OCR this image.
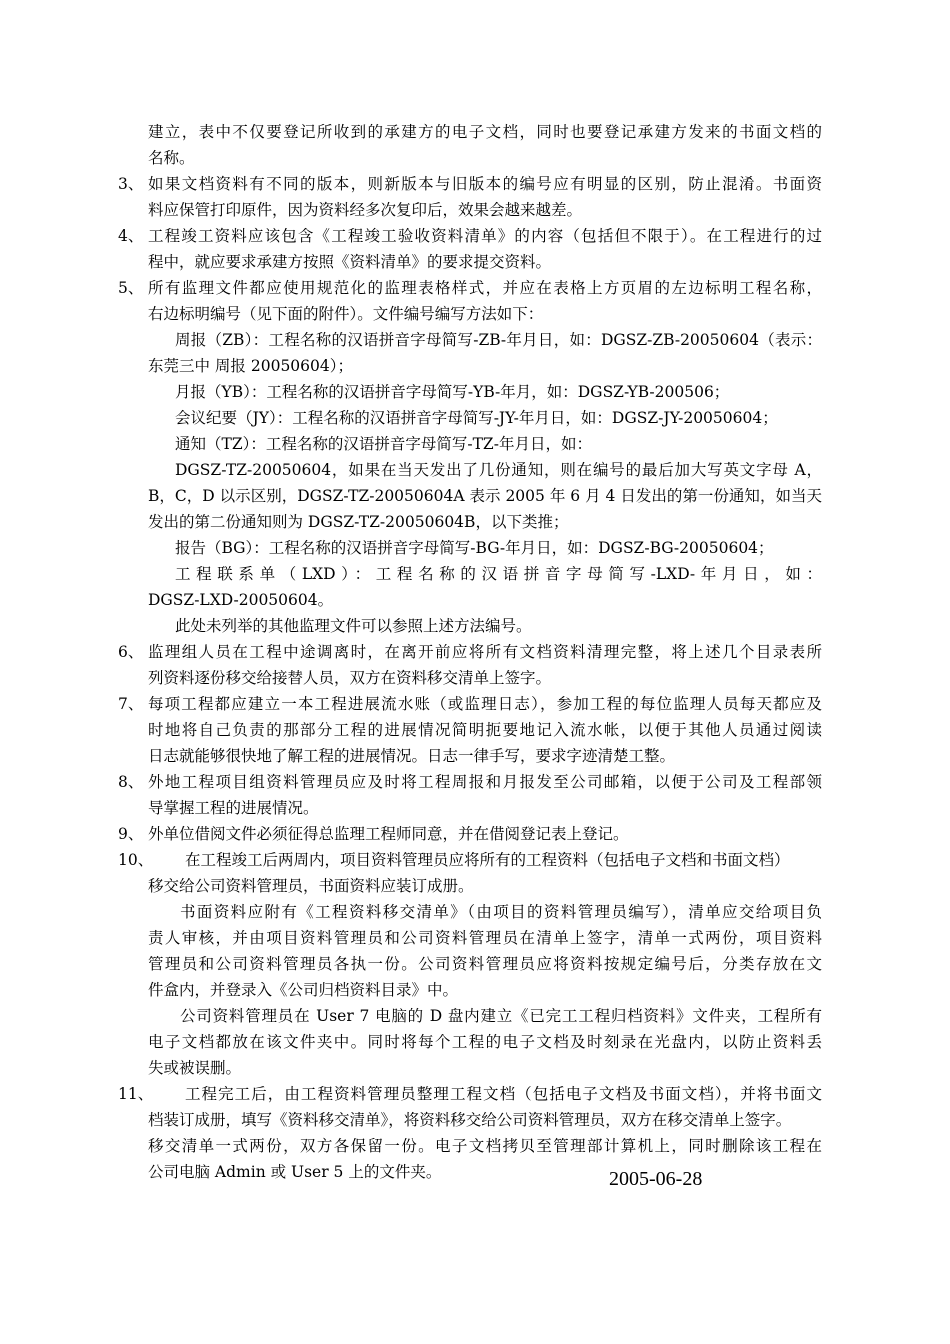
建立，表中不仅要登记所收到的承建方的电子文档，同时也要登记承建方发来的书面文档的
名称。
3、 如果文档资料有不同的版本，则新版本与旧版本的编号应有明显的区别，防止混淆。书面资
料应保管打印原件，因为资料经多次复印后，效果会越来越差。
4、 工程竣工资料应该包含《工程竣工验收资料清单》的内容（包括但不限于）。在工程进行的过
程中，就应要求承建方按照《资料清单》的要求提交资料。
5、 所有监理文件都应使用规范化的监理表格样式，并应在表格上方页眉的左边标明工程名称，
右边标明编号（见下面的附件）。文件编号编写方法如下：
周报（ZB）：工程名称的汉语拼音字母简写-ZB-年月日，如：DGSZ-ZB-20050604（表示：
东莞三中 周报 20050604）；
月报（YB）：工程名称的汉语拼音字母简写-YB-年月，如：DGSZ-YB-200506；
会议纪要（JY）：工程名称的汉语拼音字母简写-JY-年月日，如：DGSZ-JY-20050604；
通知（TZ）：工程名称的汉语拼音字母简写-TZ-年月日，如：
DGSZ-TZ-20050604，如果在当天发出了几份通知，则在编号的最后加大写英文字母 A，
B，C，D 以示区别，DGSZ-TZ-20050604A 表示 2005 年 6 月 4 日发出的第一份通知，如当天
发出的第二份通知则为 DGSZ-TZ-20050604B，以下类推；
报告（BG）：工程名称的汉语拼音字母简写-BG-年月日，如：DGSZ-BG-20050604；
工程联系单（LXD）：工程名称的汉语拼音字母简写-LXD-年月日，如：
DGSZ-LXD-20050604。
此处未列举的其他监理文件可以参照上述方法编号。
6、 监理组人员在工程中途调离时，在离开前应将所有文档资料清理完整，将上述几个目录表所
列资料逐份移交给接替人员，双方在资料移交清单上签字。
7、 每项工程都应建立一本工程进展流水账（或监理日志），参加工程的每位监理人员每天都应及
时地将自己负责的那部分工程的进展情况简明扼要地记入流水帐，以便于其他人员通过阅读
日志就能够很快地了解工程的进展情况。日志一律手写，要求字迹清楚工整。
8、 外地工程项目组资料管理员应及时将工程周报和月报发至公司邮箱，以便于公司及工程部领
导掌握工程的进展情况。
9、 外单位借阅文件必须征得总监理工程师同意，并在借阅登记表上登记。
10、 在工程竣工后两周内，项目资料管理员应将所有的工程资料（包括电子文档和书面文档）
移交给公司资料管理员，书面资料应装订成册。
书面资料应附有《工程资料移交清单》（由项目的资料管理员编写），清单应交给项目负
责人审核，并由项目资料管理员和公司资料管理员在清单上签字，清单一式两份，项目资料
管理员和公司资料管理员各执一份。公司资料管理员应将资料按规定编号后，分类存放在文
件盒内，并登录入《公司归档资料目录》中。
公司资料管理员在 User 7 电脑的 D 盘内建立《已完工工程归档资料》文件夹，工程所有
电子文档都放在该文件夹中。同时将每个工程的电子文档及时刻录在光盘内，以防止资料丢
失或被误删。
11、 工程完工后，由工程资料管理员整理工程文档（包括电子文档及书面文档），并将书面文
档装订成册，填写《资料移交清单》，将资料移交给公司资料管理员，双方在移交清单上签字。
移交清单一式两份，双方各保留一份。电子文档拷贝至管理部计算机上，同时删除该工程在
公司电脑 Admin 或 User 5 上的文件夹。	2005-06-28
